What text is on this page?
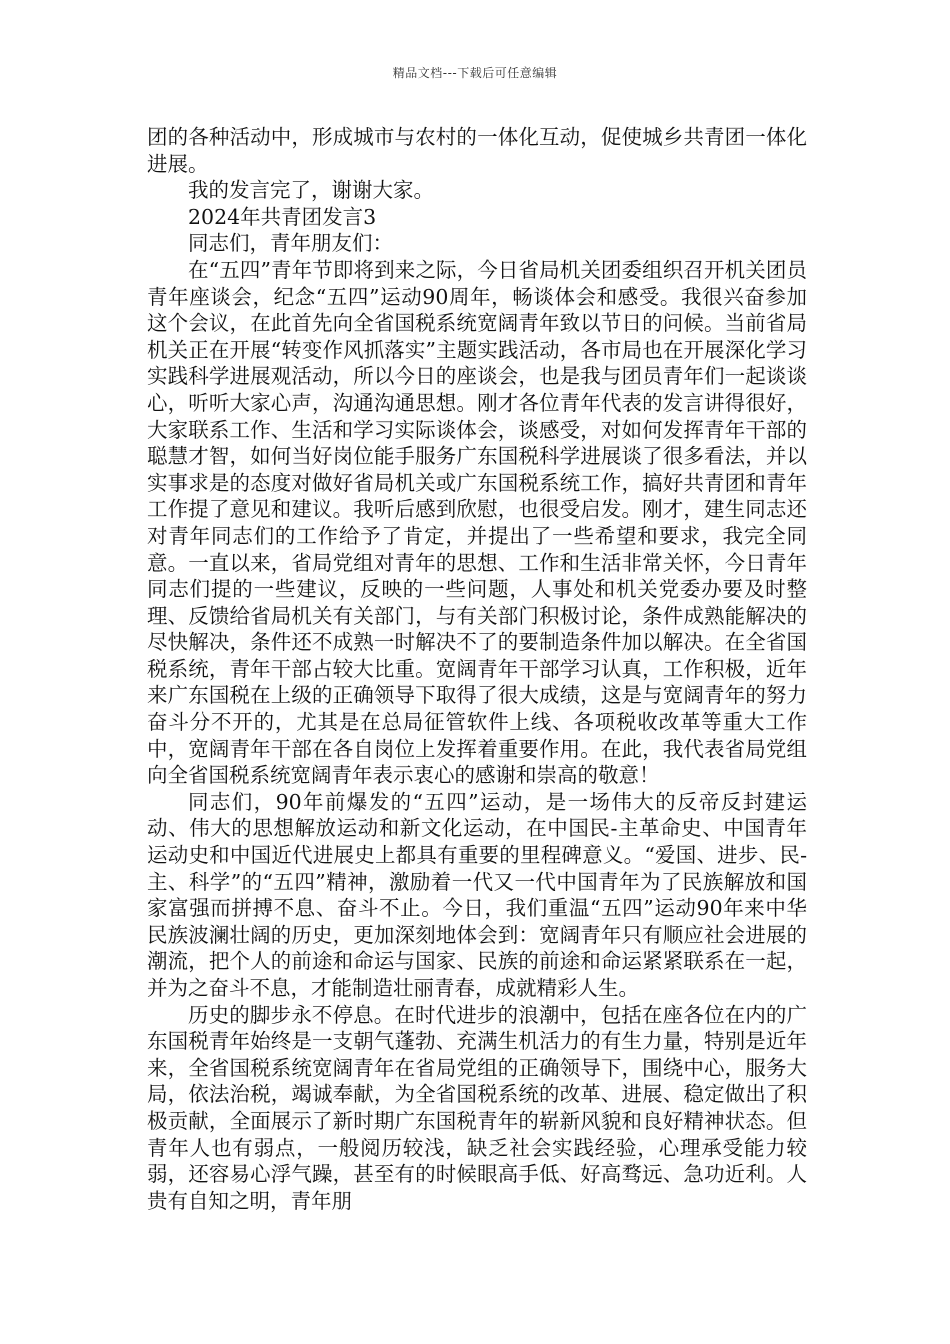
精品文档---下载后可任意编辑

团的各种活动中，形成城市与农村的一体化互动，促使城乡共青团一体化进展。

我的发言完了，谢谢大家。

2024年共青团发言3

同志们，青年朋友们：

在“五四”青年节即将到来之际，今日省局机关团委组织召开机关团员青年座谈会，纪念“五四”运动90周年，畅谈体会和感受。我很兴奋参加这个会议，在此首先向全省国税系统宽阔青年致以节日的问候。当前省局机关正在开展“转变作风抓落实”主题实践活动，各市局也在开展深化学习实践科学进展观活动，所以今日的座谈会，也是我与团员青年们一起谈谈心，听听大家心声，沟通沟通思想。刚才各位青年代表的发言讲得很好，大家联系工作、生活和学习实际谈体会，谈感受，对如何发挥青年干部的聪慧才智，如何当好岗位能手服务广东国税科学进展谈了很多看法，并以实事求是的态度对做好省局机关或广东国税系统工作，搞好共青团和青年工作提了意见和建议。我听后感到欣慰，也很受启发。刚才，建生同志还对青年同志们的工作给予了肯定，并提出了一些希望和要求，我完全同意。一直以来，省局党组对青年的思想、工作和生活非常关怀，今日青年同志们提的一些建议，反映的一些问题，人事处和机关党委办要及时整理、反馈给省局机关有关部门，与有关部门积极讨论，条件成熟能解决的尽快解决，条件还不成熟一时解决不了的要制造条件加以解决。在全省国税系统，青年干部占较大比重。宽阔青年干部学习认真，工作积极，近年来广东国税在上级的正确领导下取得了很大成绩，这是与宽阔青年的努力奋斗分不开的，尤其是在总局征管软件上线、各项税收改革等重大工作中，宽阔青年干部在各自岗位上发挥着重要作用。在此，我代表省局党组向全省国税系统宽阔青年表示衷心的感谢和崇高的敬意！

同志们，90年前爆发的“五四”运动，是一场伟大的反帝反封建运动、伟大的思想解放运动和新文化运动，在中国民-主革命史、中国青年运动史和中国近代进展史上都具有重要的里程碑意义。“爱国、进步、民-主、科学”的“五四”精神，激励着一代又一代中国青年为了民族解放和国家富强而拼搏不息、奋斗不止。今日，我们重温“五四”运动90年来中华民族波澜壮阔的历史，更加深刻地体会到：宽阔青年只有顺应社会进展的潮流，把个人的前途和命运与国家、民族的前途和命运紧紧联系在一起，并为之奋斗不息，才能制造壮丽青春，成就精彩人生。

历史的脚步永不停息。在时代进步的浪潮中，包括在座各位在内的广东国税青年始终是一支朝气蓬勃、充满生机活力的有生力量，特别是近年来，全省国税系统宽阔青年在省局党组的正确领导下，围绕中心，服务大局，依法治税，竭诚奉献，为全省国税系统的改革、进展、稳定做出了积极贡献，全面展示了新时期广东国税青年的崭新风貌和良好精神状态。但青年人也有弱点，一般阅历较浅，缺乏社会实践经验，心理承受能力较弱，还容易心浮气躁，甚至有的时候眼高手低、好高骛远、急功近利。人贵有自知之明，青年朋
